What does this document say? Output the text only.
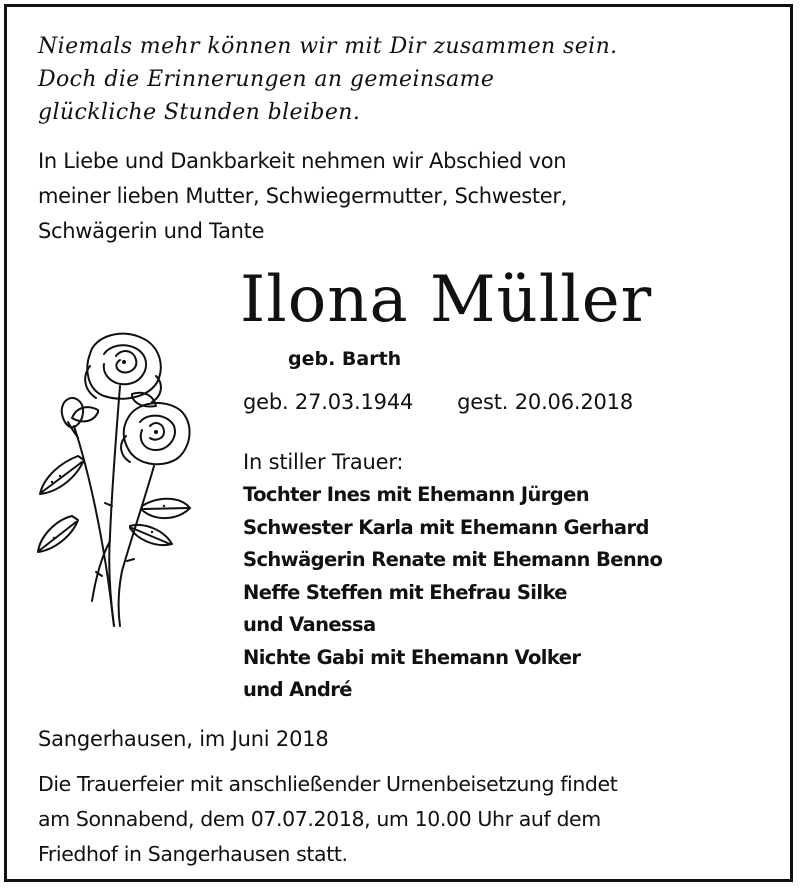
Niemals mehr können wir mit Dir zusammen sein.
Doch die Erinnerungen an gemeinsame
glückliche Stunden bleiben.
In Liebe und Dankbarkeit nehmen wir Abschied von
meiner lieben Mutter, Schwiegermutter, Schwester,
Schwägerin und Tante
Ilona Müller
geb. Barth
geb. 27.03.1944 gest. 20.06.2018
In stiller Trauer:
Tochter Ines mit Ehemann Jürgen
Schwester Karla mit Ehemann Gerhard
Schwägerin Renate mit Ehemann Benno
Neffe Steffen mit Ehefrau Silke
und Vanessa
Nichte Gabi mit Ehemann Volker
und André
Sangerhausen, im Juni 2018
Die Trauerfeier mit anschließender Urnenbeisetzung findet
am Sonnabend, dem 07.07.2018, um 10.00 Uhr auf dem
Friedhof in Sangerhausen statt.
